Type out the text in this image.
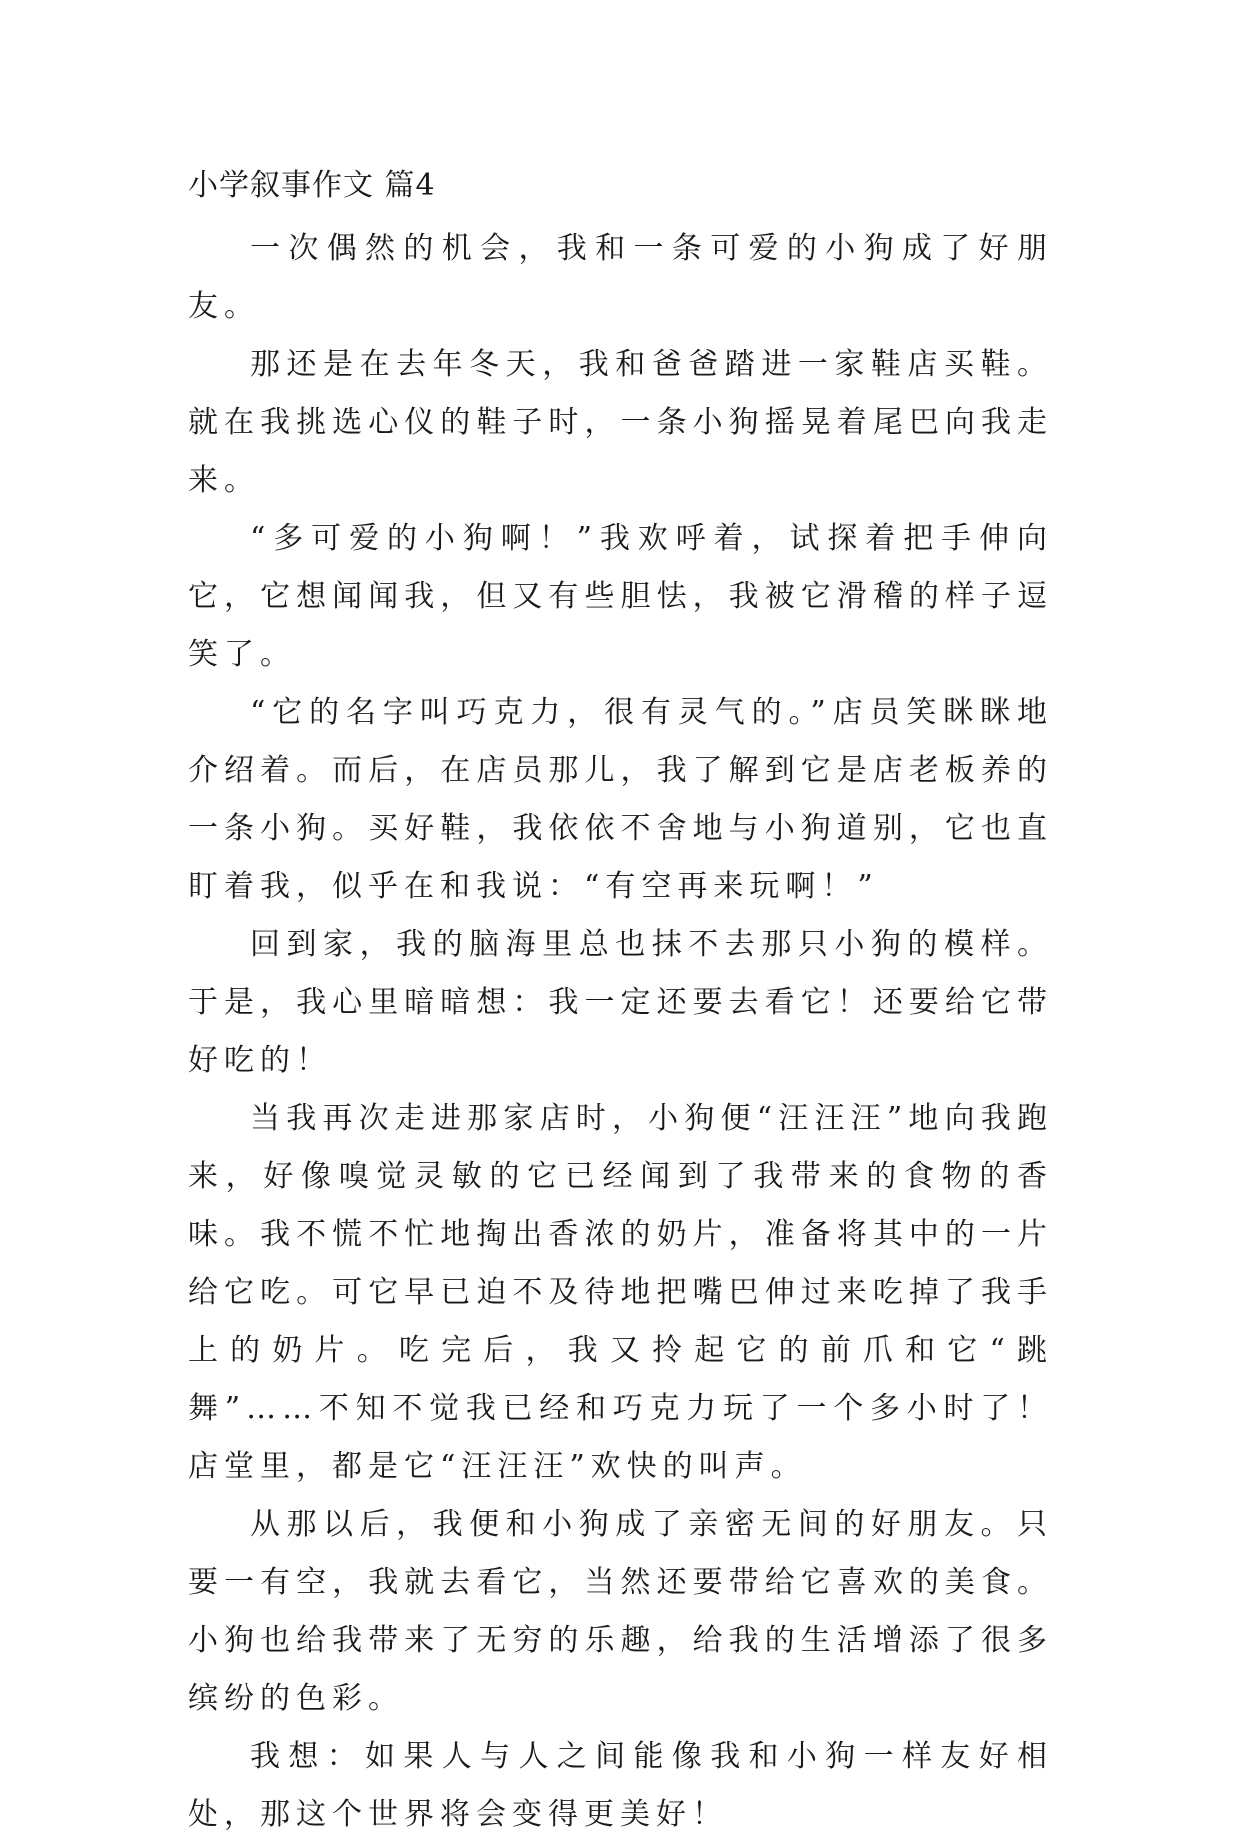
小学叙事作文 篇4

一次偶然的机会，我和一条可爱的小狗成了好朋友。

那还是在去年冬天，我和爸爸踏进一家鞋店买鞋。就在我挑选心仪的鞋子时，一条小狗摇晃着尾巴向我走来。

“多可爱的小狗啊！”我欢呼着，试探着把手伸向它，它想闻闻我，但又有些胆怯，我被它滑稽的样子逗笑了。

“它的名字叫巧克力，很有灵气的。”店员笑眯眯地介绍着。而后，在店员那儿，我了解到它是店老板养的一条小狗。买好鞋，我依依不舍地与小狗道别，它也直盯着我，似乎在和我说：“有空再来玩啊！”

回到家，我的脑海里总也抹不去那只小狗的模样。于是，我心里暗暗想：我一定还要去看它！还要给它带好吃的！

当我再次走进那家店时，小狗便“汪汪汪”地向我跑来，好像嗅觉灵敏的它已经闻到了我带来的食物的香味。我不慌不忙地掏出香浓的奶片，准备将其中的一片给它吃。可它早已迫不及待地把嘴巴伸过来吃掉了我手上的奶片。吃完后，我又拎起它的前爪和它“跳舞”……不知不觉我已经和巧克力玩了一个多小时了！店堂里，都是它“汪汪汪”欢快的叫声。

从那以后，我便和小狗成了亲密无间的好朋友。只要一有空，我就去看它，当然还要带给它喜欢的美食。小狗也给我带来了无穷的乐趣，给我的生活增添了很多缤纷的色彩。

我想：如果人与人之间能像我和小狗一样友好相处，那这个世界将会变得更美好！
